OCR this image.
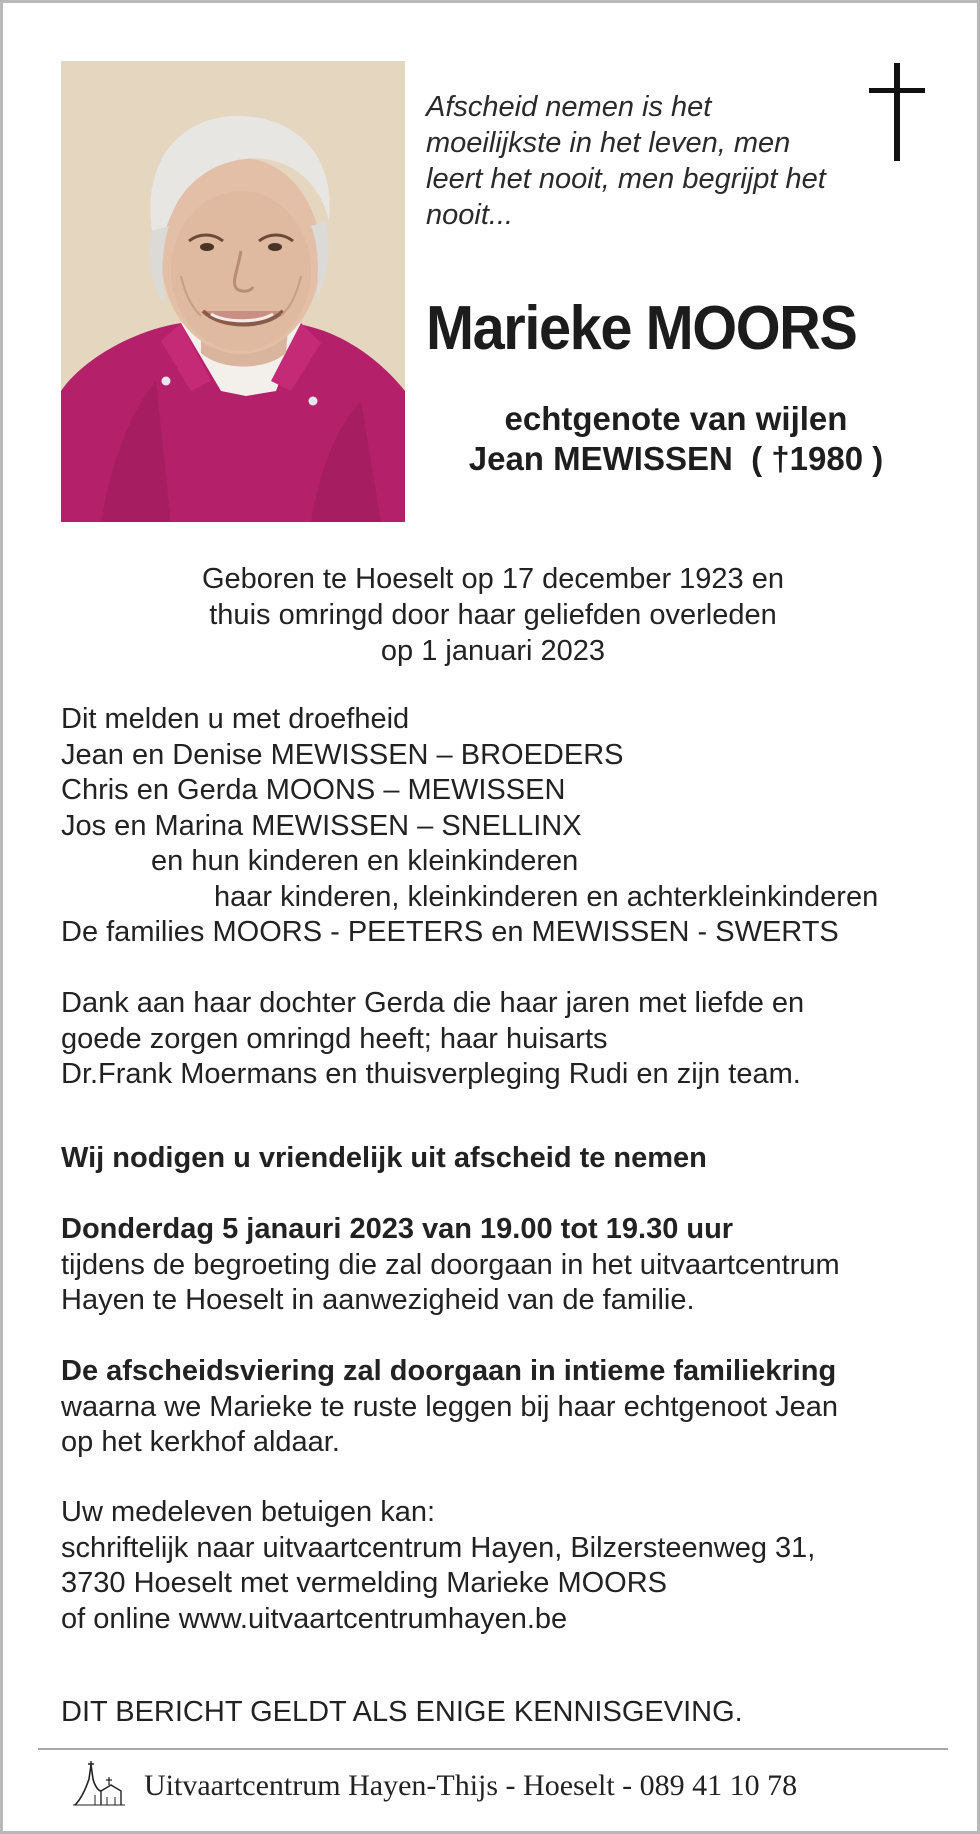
Afscheid nemen is het
moeilijkste in het leven, men
leert het nooit, men begrijpt het
nooit...
Marieke MOORS
echtgenote van wijlen
Jean MEWISSEN  ( †1980 )
Geboren te Hoeselt op 17 december 1923 en
thuis omringd door haar geliefden overleden
op 1 januari 2023
Dit melden u met droefheid
Jean en Denise MEWISSEN – BROEDERS
Chris en Gerda MOONS – MEWISSEN
Jos en Marina MEWISSEN – SNELLINX
en hun kinderen en kleinkinderen
haar kinderen, kleinkinderen en achterkleinkinderen
De families MOORS - PEETERS en MEWISSEN - SWERTS
Dank aan haar dochter Gerda die haar jaren met liefde en
goede zorgen omringd heeft; haar huisarts
Dr.Frank Moermans en thuisverpleging Rudi en zijn team.
Wij nodigen u vriendelijk uit afscheid te nemen
Donderdag 5 janauri 2023 van 19.00 tot 19.30 uur
tijdens de begroeting die zal doorgaan in het uitvaartcentrum
Hayen te Hoeselt in aanwezigheid van de familie.
De afscheidsviering zal doorgaan in intieme familiekring
waarna we Marieke te ruste leggen bij haar echtgenoot Jean
op het kerkhof aldaar.
Uw medeleven betuigen kan:
schriftelijk naar uitvaartcentrum Hayen, Bilzersteenweg 31,
3730 Hoeselt met vermelding Marieke MOORS
of online www.uitvaartcentrumhayen.be
DIT BERICHT GELDT ALS ENIGE KENNISGEVING.
Uitvaartcentrum Hayen-Thijs - Hoeselt - 089 41 10 78
